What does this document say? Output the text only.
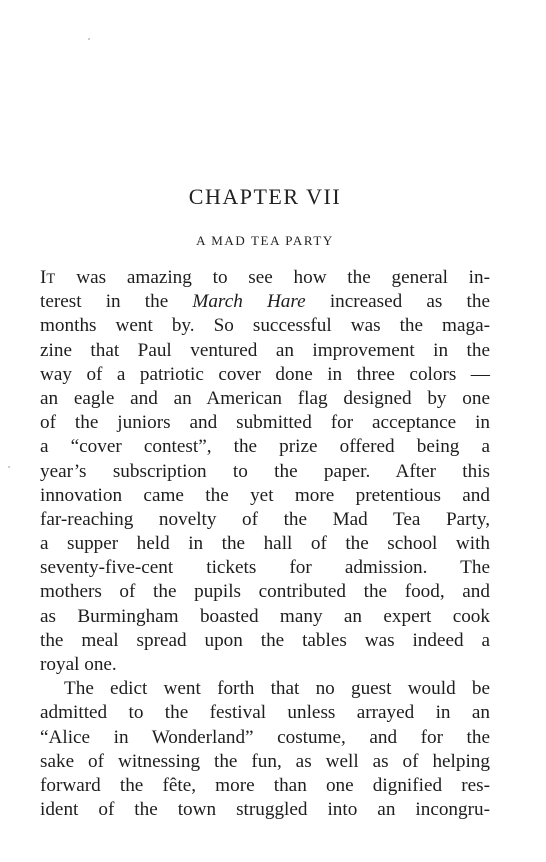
CHAPTER VII
A MAD TEA PARTY
IT was amazing to see how the general in-
terest in the March Hare increased as the
months went by. So successful was the maga-
zine that Paul ventured an improvement in the
way of a patriotic cover done in three colors —
an eagle and an American flag designed by one
of the juniors and submitted for acceptance in
a “cover contest”, the prize offered being a
year’s subscription to the paper. After this
innovation came the yet more pretentious and
far-reaching novelty of the Mad Tea Party,
a supper held in the hall of the school with
seventy-five-cent tickets for admission. The
mothers of the pupils contributed the food, and
as Burmingham boasted many an expert cook
the meal spread upon the tables was indeed a
royal one.
The edict went forth that no guest would be
admitted to the festival unless arrayed in an
“Alice in Wonderland” costume, and for the
sake of witnessing the fun, as well as of helping
forward the fête, more than one dignified res-
ident of the town struggled into an incongru-
